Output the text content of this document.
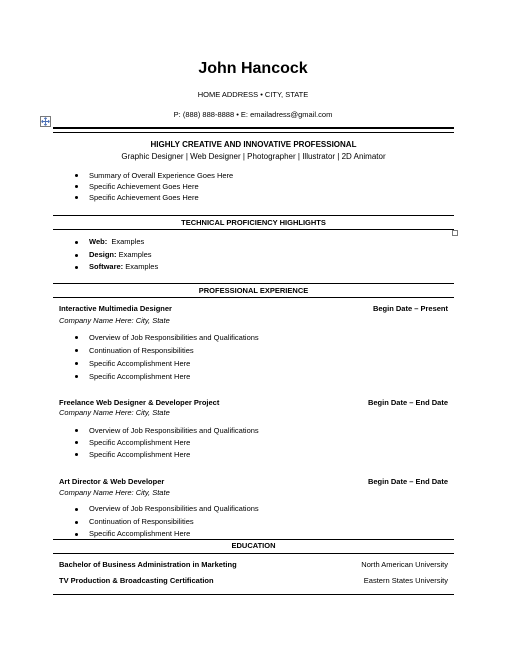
John Hancock
HOME ADDRESS • CITY, STATE
P: (888) 888-8888 • E: emailadress@gmail.com
HIGHLY CREATIVE AND INNOVATIVE PROFESSIONAL
Graphic Designer | Web Designer | Photographer | Illustrator | 2D Animator
Summary of Overall Experience Goes Here
Specific Achievement Goes Here
Specific Achievement Goes Here
TECHNICAL PROFICIENCY HIGHLIGHTS
Web: Examples
Design: Examples
Software: Examples
PROFESSIONAL EXPERIENCE
Interactive Multimedia Designer	Begin Date – Present
Company Name Here: City, State
Overview of Job Responsibilities and Qualifications
Continuation of Responsibilities
Specific Accomplishment Here
Specific Accomplishment Here
Freelance Web Designer & Developer Project	Begin Date – End Date
Company Name Here: City, State
Overview of Job Responsibilities and Qualifications
Specific Accomplishment Here
Specific Accomplishment Here
Art Director & Web Developer	Begin Date – End Date
Company Name Here: City, State
Overview of Job Responsibilities and Qualifications
Continuation of Responsibilities
Specific Accomplishment Here
EDUCATION
Bachelor of Business Administration in Marketing	North American University
TV Production & Broadcasting Certification	Eastern States University
